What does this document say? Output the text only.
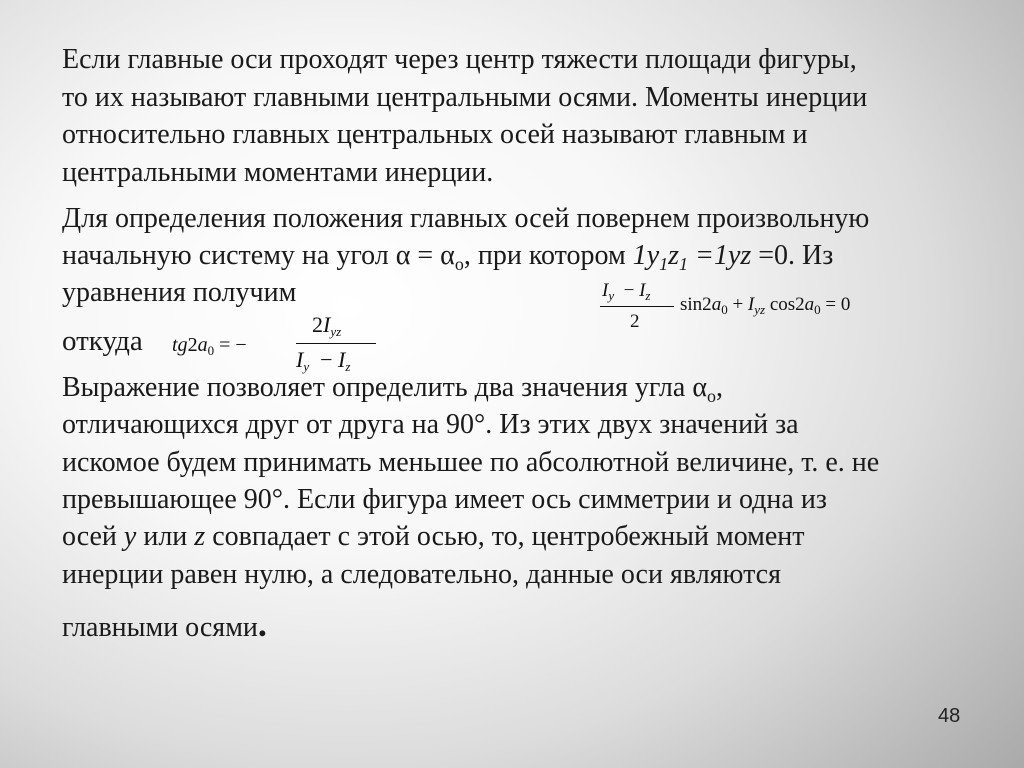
Если главные оси проходят через центр тяжести площади фигуры,
то их называют главными центральными осями. Моменты инерции
относительно главных центральных осей называют главным и
центральными моментами инерции.
Для определения положения главных осей повернем произвольную
начальную систему на угол $\alpha = \alpha_о$, при котором $1y_1z_1 =1yz =0$. Из
уравнения получим
откуда
Выражение позволяет определить два значения угла $\alpha_о$,
отличающихся друг от друга на 90°. Из этих двух значений за
искомое будем принимать меньшее по абсолютной величине, т. е. не
превышающее 90°. Если фигура имеет ось симметрии и одна из
осей y или z совпадает с этой осью, то, центробежный момент
инерции равен нулю, а следовательно, данные оси являются
главными осями.
$I_y - I_z$
2
$\sin 2a_0 + I_{yz}$ $\cos 2a_0 = 0$
$tg2a_0$ = −
2Iyz
Iy  − Iz
48
